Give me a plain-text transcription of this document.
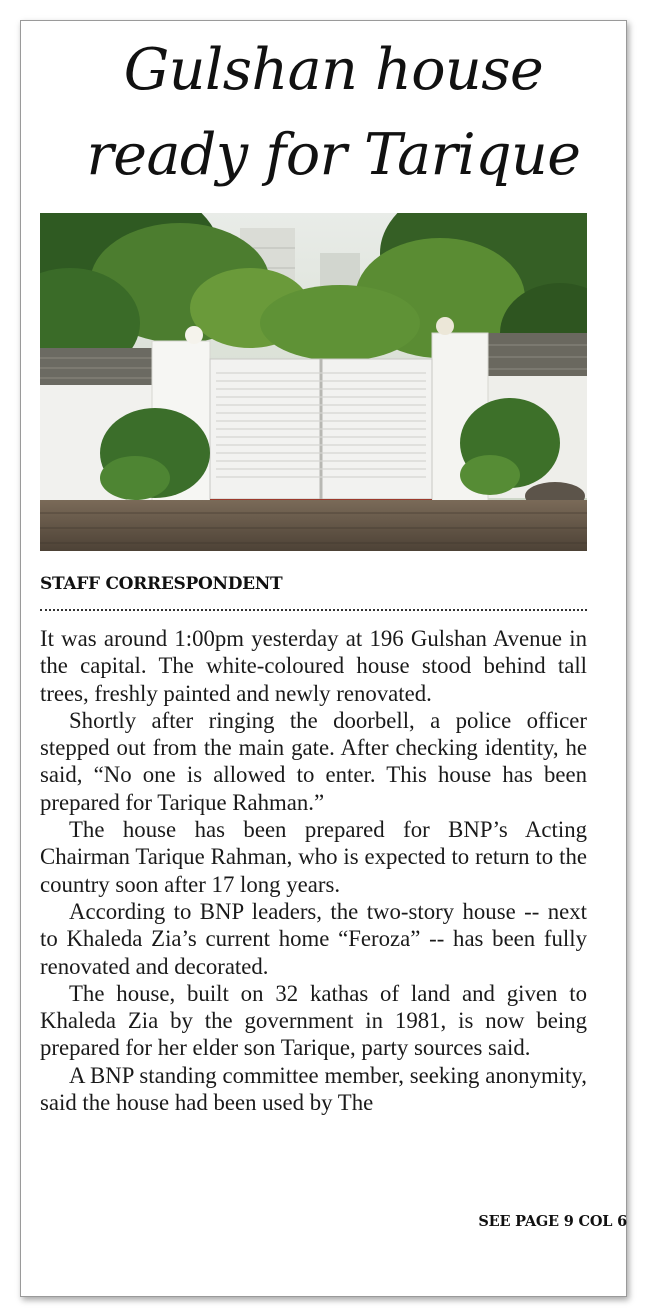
Gulshan house
ready for Tarique

STAFF CORRESPONDENT

It was around 1:00pm yesterday at 196 Gulshan Avenue in the capital. The white-coloured house stood behind tall trees, freshly painted and newly renovated.

Shortly after ringing the doorbell, a police officer stepped out from the main gate. After checking identity, he said, “No one is allowed to enter. This house has been prepared for Tarique Rahman.”

The house has been prepared for BNP’s Acting Chairman Tarique Rahman, who is expected to return to the country soon after 17 long years.

According to BNP leaders, the two-story house -- next to Khaleda Zia’s current home “Feroza” -- has been fully renovated and decorated.

The house, built on 32 kathas of land and given to Khaleda Zia by the government in 1981, is now being prepared for her elder son Tarique, party sources said.

A BNP standing committee member, seeking anonymity, said the house had been used by The

SEE PAGE 9 COL 6
